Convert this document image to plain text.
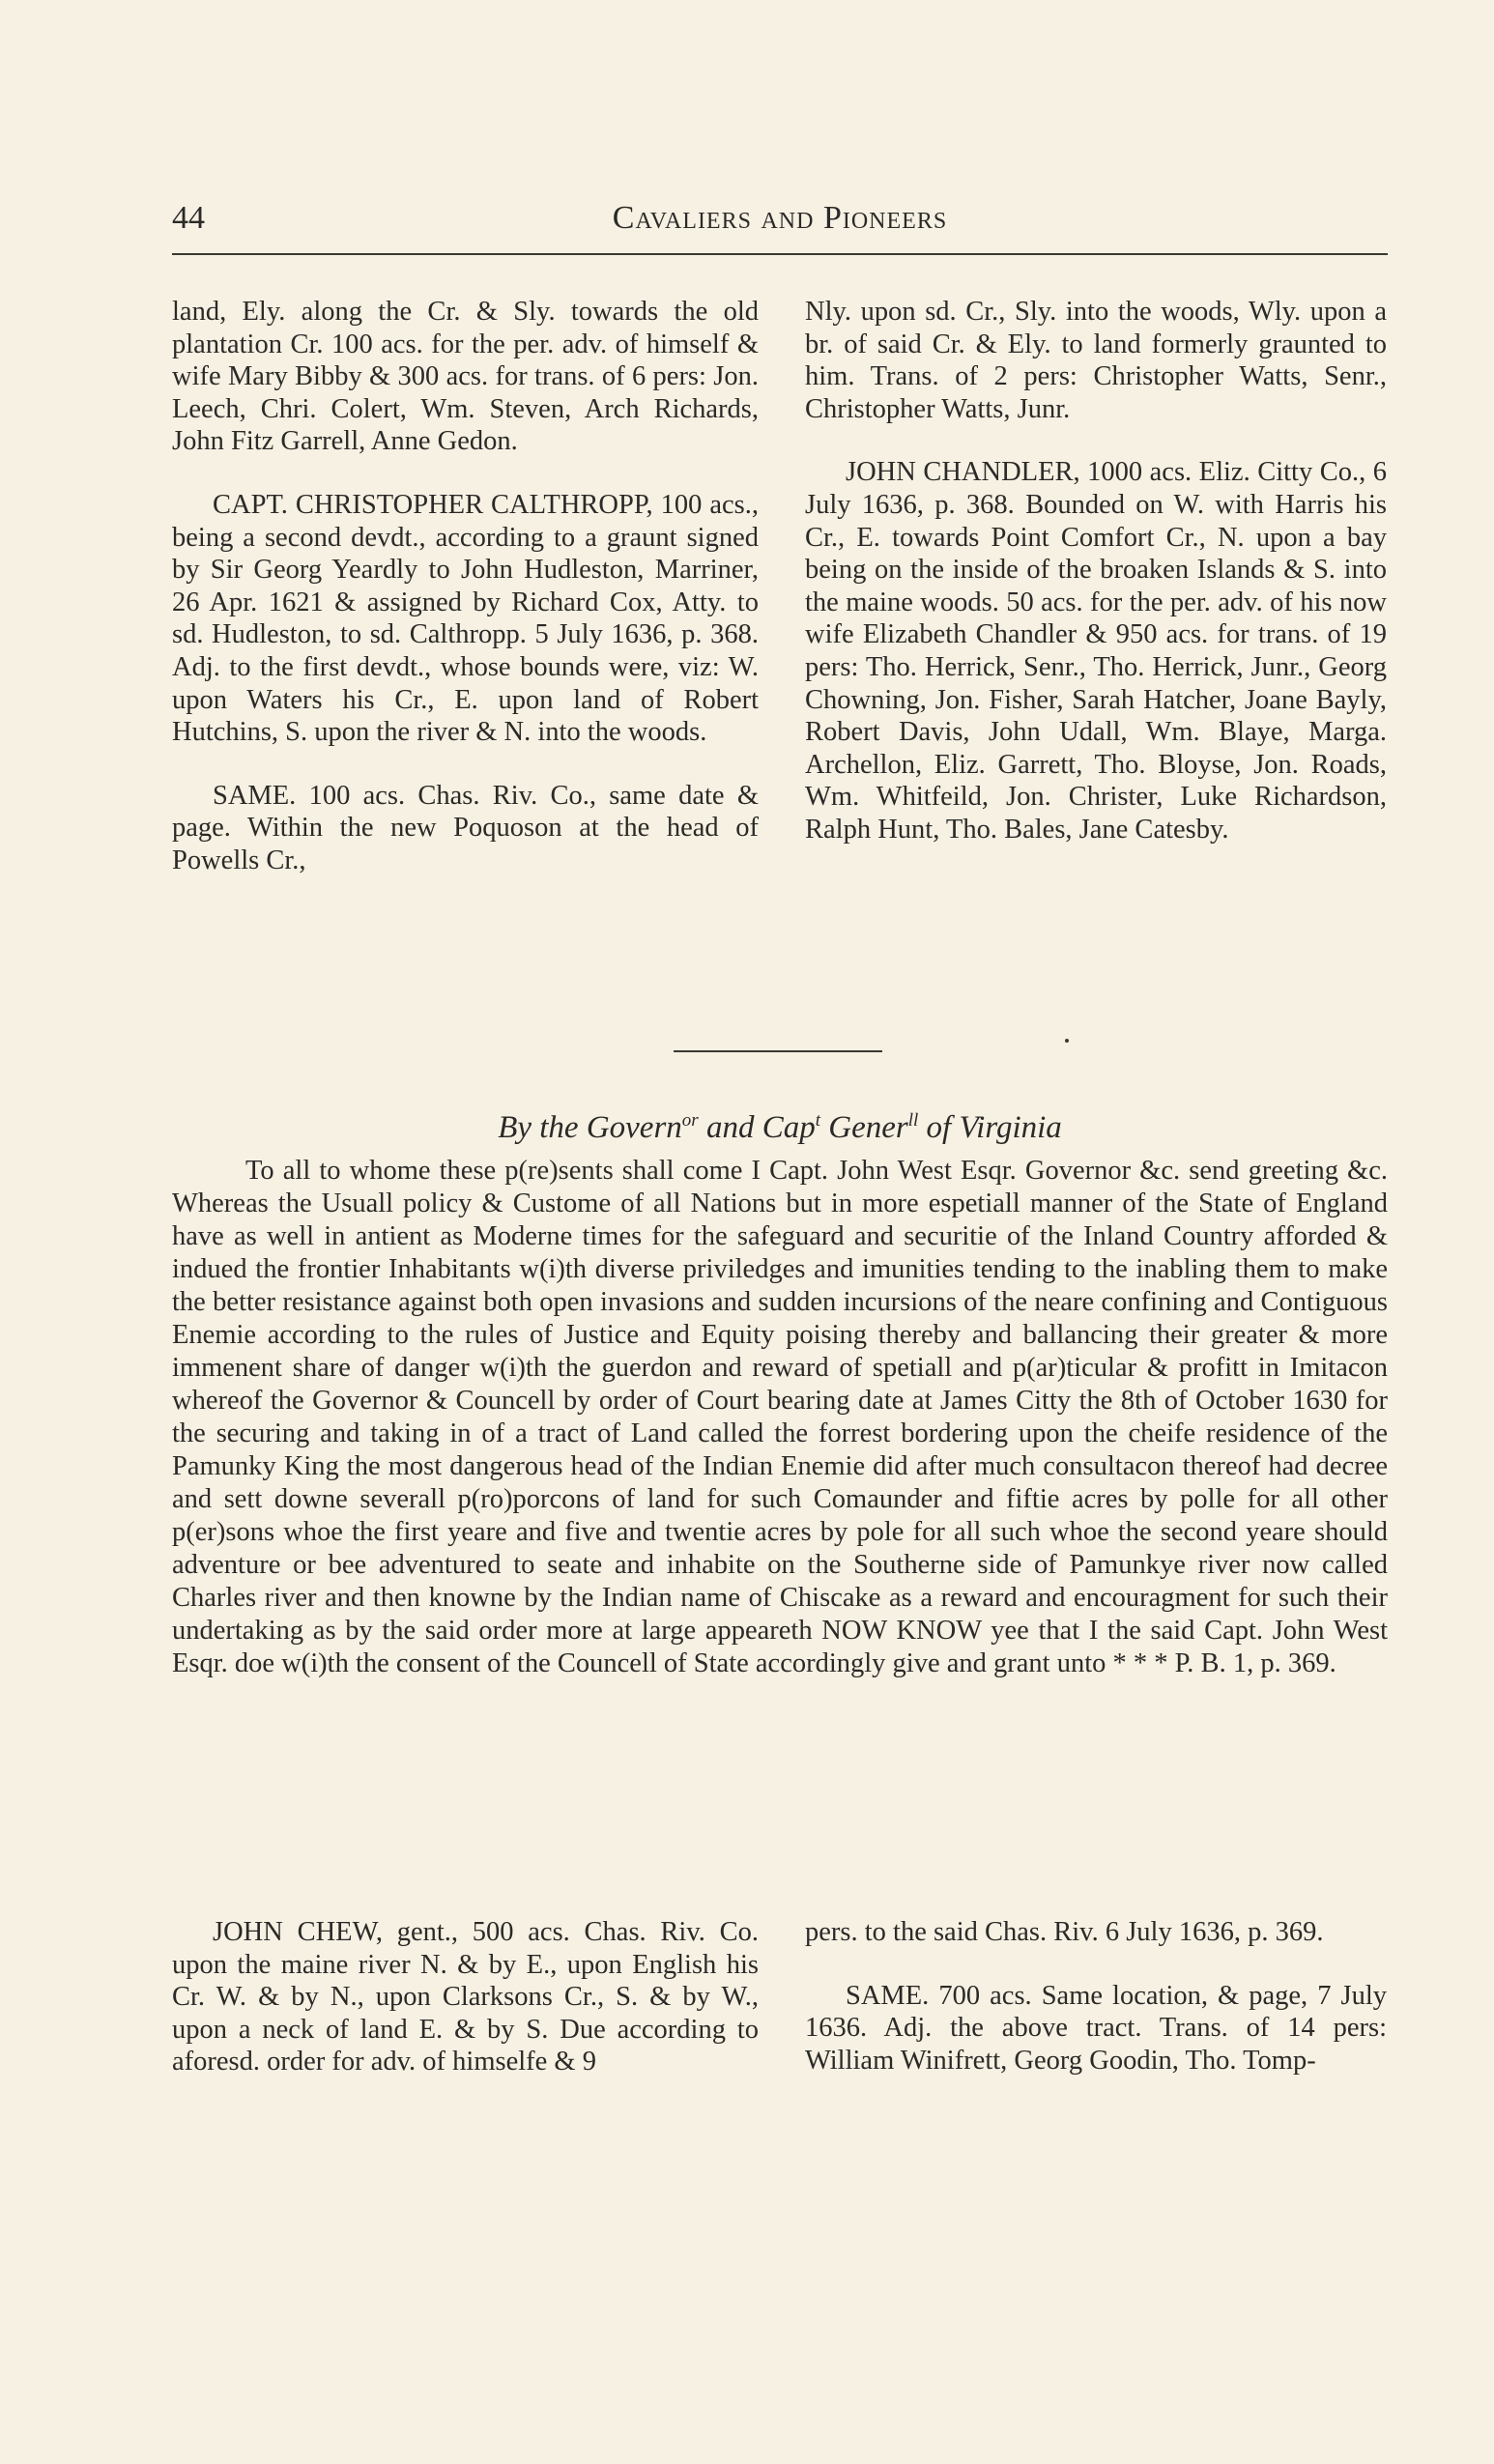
44	Cavaliers and Pioneers

land, Ely. along the Cr. & Sly. towards the old plantation Cr. 100 acs. for the per. adv. of himself & wife Mary Bibby & 300 acs. for trans. of 6 pers: Jon. Leech, Chri. Colert, Wm. Steven, Arch Richards, John Fitz Garrell, Anne Gedon.

CAPT. CHRISTOPHER CALTHROPP, 100 acs., being a second devdt., according to a graunt signed by Sir Georg Yeardly to John Hudleston, Marriner, 26 Apr. 1621 & assigned by Richard Cox, Atty. to sd. Hudleston, to sd. Calthropp. 5 July 1636, p. 368. Adj. to the first devdt., whose bounds were, viz: W. upon Waters his Cr., E. upon land of Robert Hutchins, S. upon the river & N. into the woods.

SAME. 100 acs. Chas. Riv. Co., same date & page. Within the new Poquoson at the head of Powells Cr.,

Nly. upon sd. Cr., Sly. into the woods, Wly. upon a br. of said Cr. & Ely. to land formerly graunted to him. Trans. of 2 pers: Christopher Watts, Senr., Christopher Watts, Junr.

JOHN CHANDLER, 1000 acs. Eliz. Citty Co., 6 July 1636, p. 368. Bounded on W. with Harris his Cr., E. towards Point Comfort Cr., N. upon a bay being on the inside of the broaken Islands & S. into the maine woods. 50 acs. for the per. adv. of his now wife Elizabeth Chandler & 950 acs. for trans. of 19 pers: Tho. Herrick, Senr., Tho. Herrick, Junr., Georg Chowning, Jon. Fisher, Sarah Hatcher, Joane Bayly, Robert Davis, John Udall, Wm. Blaye, Marga. Archellon, Eliz. Garrett, Tho. Bloyse, Jon. Roads, Wm. Whitfeild, Jon. Christer, Luke Richardson, Ralph Hunt, Tho. Bales, Jane Catesby.

By the Govern$^{or}$ and Cap$^t$ Gener$^{ll}$ of Virginia

To all to whome these p(re)sents shall come I Capt. John West Esqr. Governor &c. send greeting &c. Whereas the Usuall policy & Custome of all Nations but in more espetiall manner of the State of England have as well in antient as Moderne times for the safeguard and securitie of the Inland Country afforded & indued the frontier Inhabitants w(i)th diverse priviledges and imunities tending to the inabling them to make the better resistance against both open invasions and sudden incursions of the neare confining and Contiguous Enemie according to the rules of Justice and Equity poising thereby and ballancing their greater & more immenent share of danger w(i)th the guerdon and reward of spetiall and p(ar)ticular & profitt in Imitacon whereof the Governor & Councell by order of Court bearing date at James Citty the 8th of October 1630 for the securing and taking in of a tract of Land called the forrest bordering upon the cheife residence of the Pamunky King the most dangerous head of the Indian Enemie did after much consultacon thereof had decree and sett downe severall p(ro)porcons of land for such Comaunder and fiftie acres by polle for all other p(er)sons whoe the first yeare and five and twentie acres by pole for all such whoe the second yeare should adventure or bee adventured to seate and inhabite on the Southerne side of Pamunkye river now called Charles river and then knowne by the Indian name of Chiscake as a reward and encouragment for such their undertaking as by the said order more at large appeareth NOW KNOW yee that I the said Capt. John West Esqr. doe w(i)th the consent of the Councell of State accordingly give and grant unto * * * P. B. 1, p. 369.

JOHN CHEW, gent., 500 acs. Chas. Riv. Co. upon the maine river N. & by E., upon English his Cr. W. & by N., upon Clarksons Cr., S. & by W., upon a neck of land E. & by S. Due according to aforesd. order for adv. of himselfe & 9

pers. to the said Chas. Riv. 6 July 1636, p. 369.

SAME. 700 acs. Same location, & page, 7 July 1636. Adj. the above tract. Trans. of 14 pers: William Winifrett, Georg Goodin, Tho. Tomp-
